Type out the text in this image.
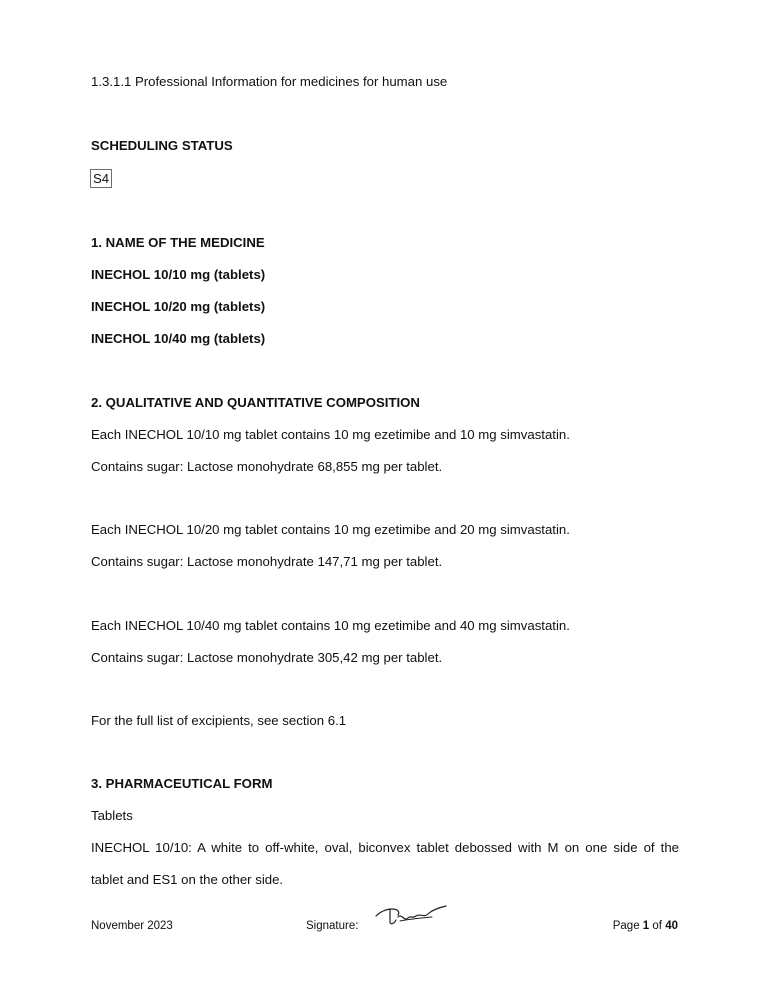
1.3.1.1 Professional Information for medicines for human use
SCHEDULING STATUS
S4
1. NAME OF THE MEDICINE
INECHOL 10/10 mg (tablets)
INECHOL 10/20 mg (tablets)
INECHOL 10/40 mg (tablets)
2. QUALITATIVE AND QUANTITATIVE COMPOSITION
Each INECHOL 10/10 mg tablet contains 10 mg ezetimibe and 10 mg simvastatin.
Contains sugar: Lactose monohydrate 68,855 mg per tablet.
Each INECHOL 10/20 mg tablet contains 10 mg ezetimibe and 20 mg simvastatin.
Contains sugar: Lactose monohydrate 147,71 mg per tablet.
Each INECHOL 10/40 mg tablet contains 10 mg ezetimibe and 40 mg simvastatin.
Contains sugar: Lactose monohydrate 305,42 mg per tablet.
For the full list of excipients, see section 6.1
3. PHARMACEUTICAL FORM
Tablets
INECHOL 10/10: A white to off-white, oval, biconvex tablet debossed with M on one side of the
tablet and ES1 on the other side.
November 2023	Signature:	Page 1 of 40
